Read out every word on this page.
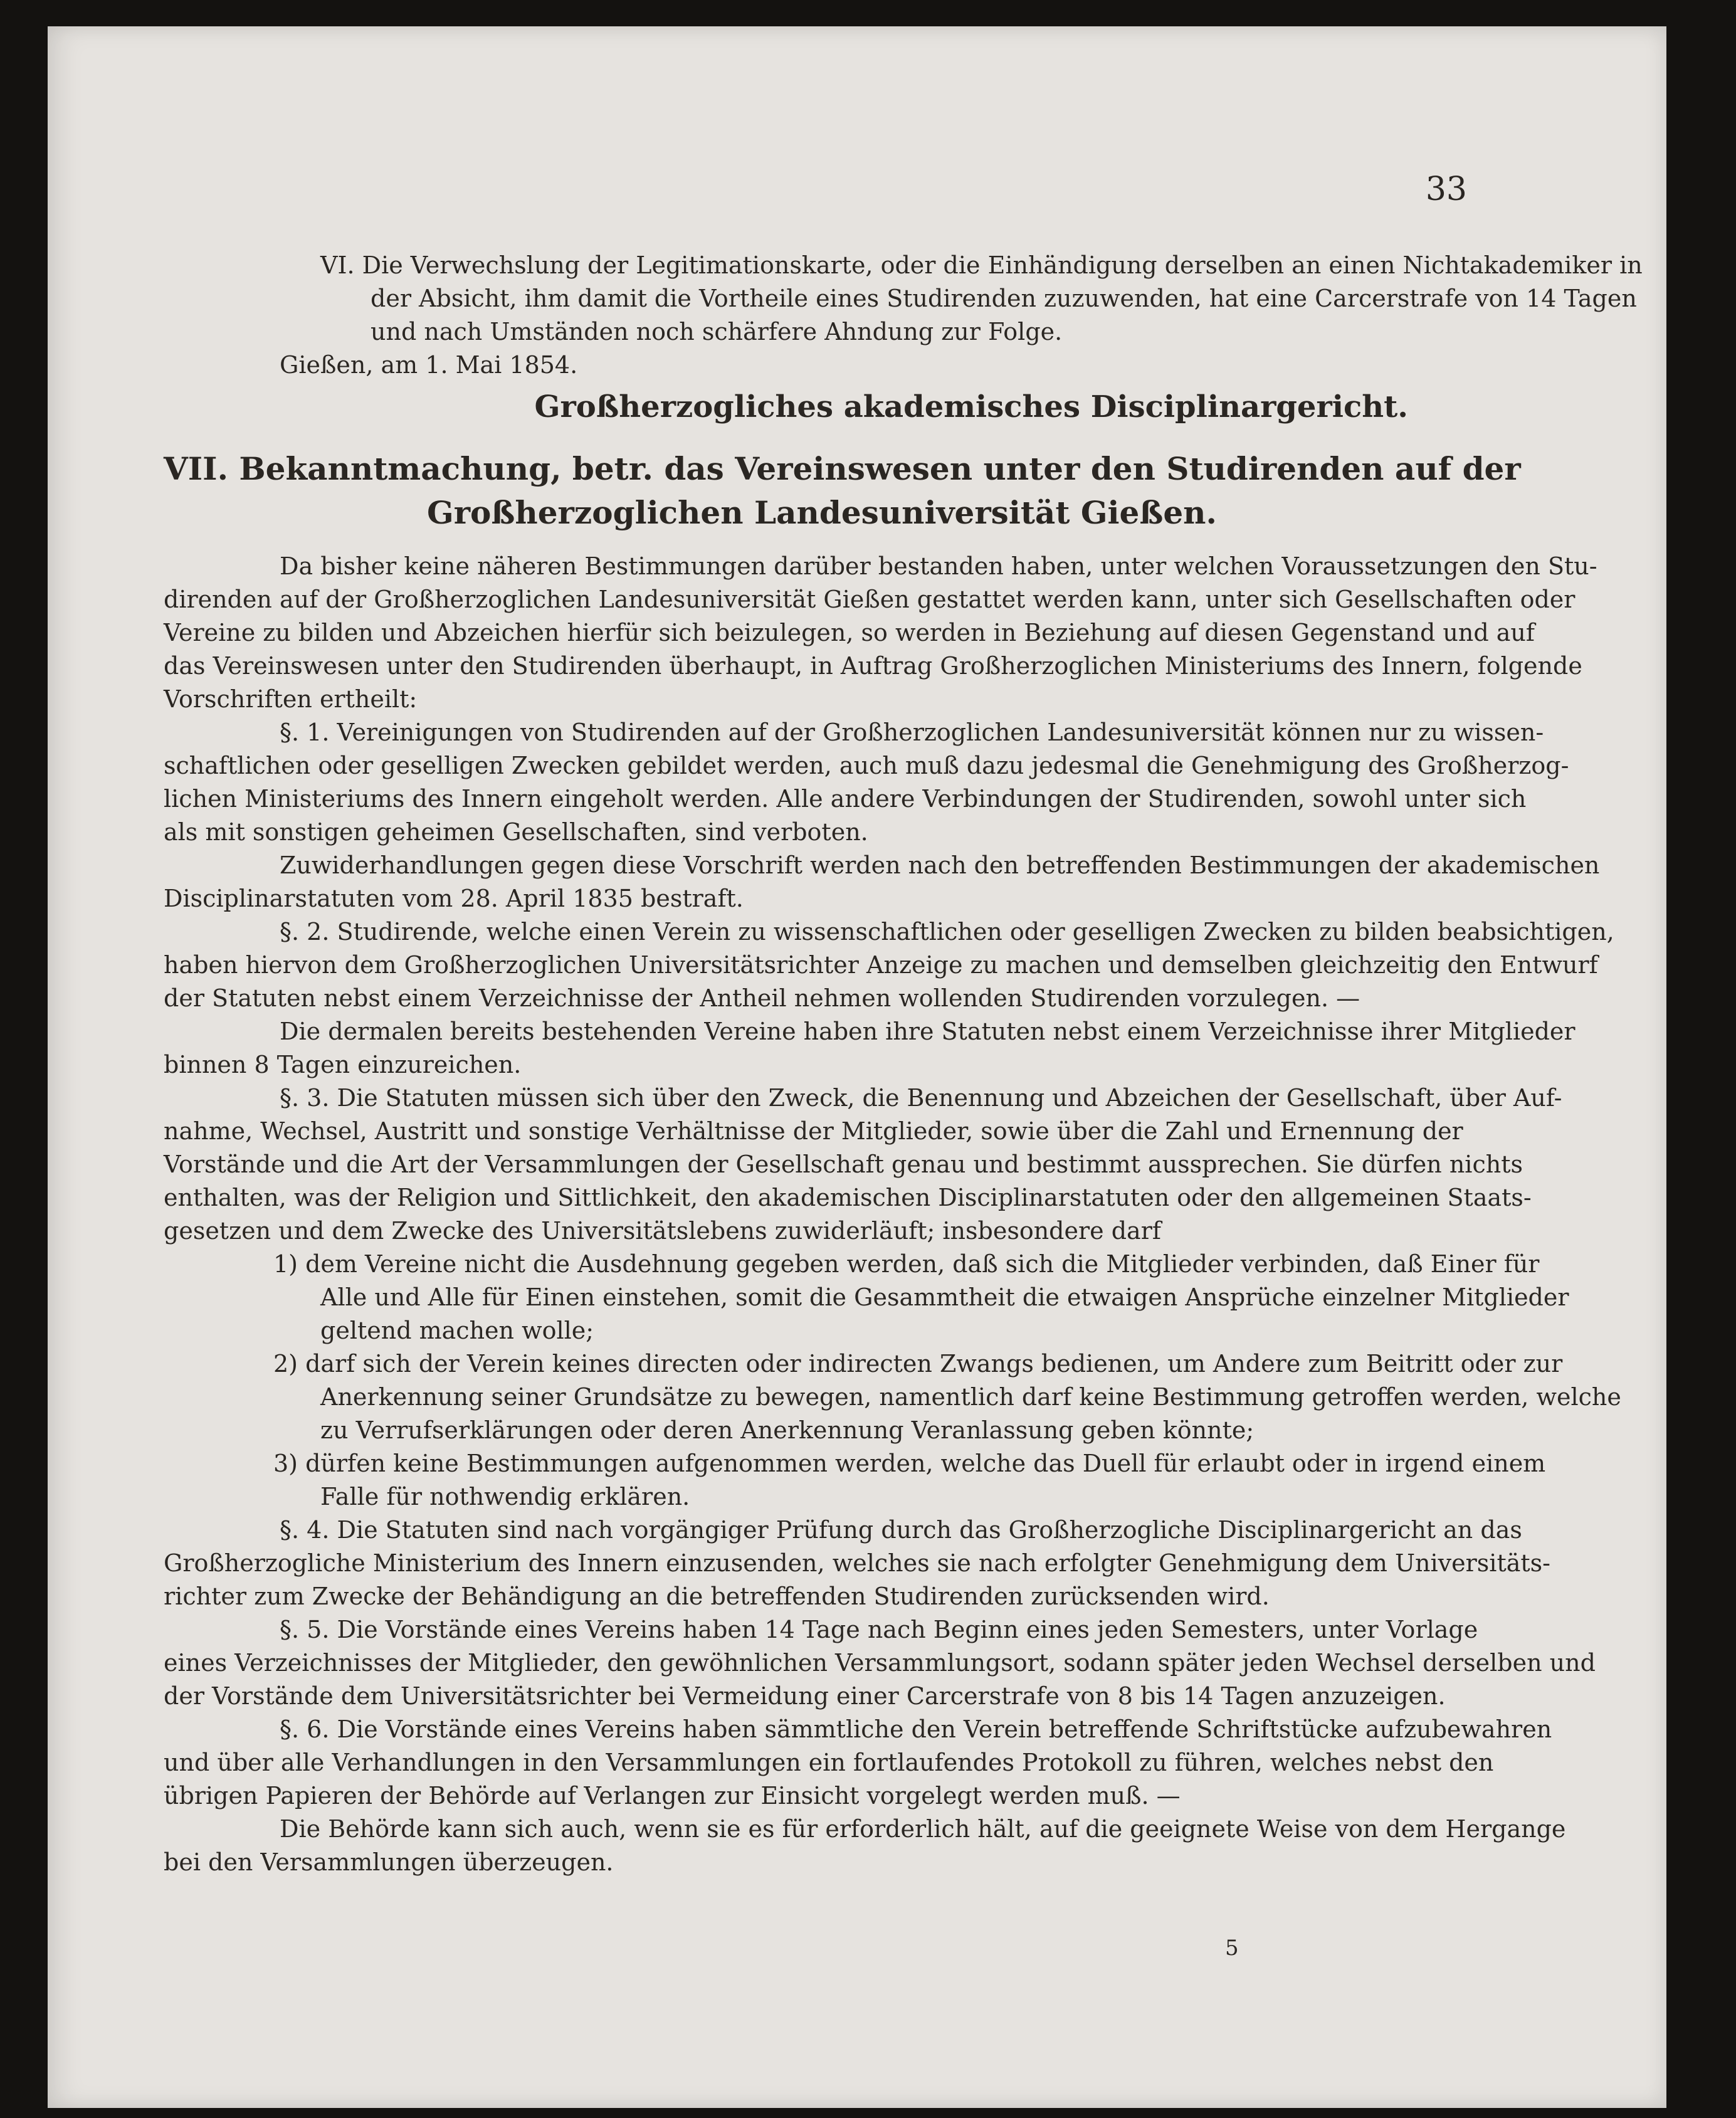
33
VI. Die Verwechslung der Legitimationskarte, oder die Einhändigung derselben an einen Nichtakademiker in
der Absicht, ihm damit die Vortheile eines Studirenden zuzuwenden, hat eine Carcerstrafe von 14 Tagen
und nach Umständen noch schärfere Ahndung zur Folge.
Gießen, am 1. Mai 1854.
Großherzogliches akademisches Disciplinargericht.
VII. Bekanntmachung, betr. das Vereinswesen unter den Studirenden auf der
Großherzoglichen Landesuniversität Gießen.
Da bisher keine näheren Bestimmungen darüber bestanden haben, unter welchen Voraussetzungen den Stu-
direnden auf der Großherzoglichen Landesuniversität Gießen gestattet werden kann, unter sich Gesellschaften oder
Vereine zu bilden und Abzeichen hierfür sich beizulegen, so werden in Beziehung auf diesen Gegenstand und auf
das Vereinswesen unter den Studirenden überhaupt, in Auftrag Großherzoglichen Ministeriums des Innern, folgende
Vorschriften ertheilt:
§. 1. Vereinigungen von Studirenden auf der Großherzoglichen Landesuniversität können nur zu wissen-
schaftlichen oder geselligen Zwecken gebildet werden, auch muß dazu jedesmal die Genehmigung des Großherzog-
lichen Ministeriums des Innern eingeholt werden. Alle andere Verbindungen der Studirenden, sowohl unter sich
als mit sonstigen geheimen Gesellschaften, sind verboten.
Zuwiderhandlungen gegen diese Vorschrift werden nach den betreffenden Bestimmungen der akademischen
Disciplinarstatuten vom 28. April 1835 bestraft.
§. 2. Studirende, welche einen Verein zu wissenschaftlichen oder geselligen Zwecken zu bilden beabsichtigen,
haben hiervon dem Großherzoglichen Universitätsrichter Anzeige zu machen und demselben gleichzeitig den Entwurf
der Statuten nebst einem Verzeichnisse der Antheil nehmen wollenden Studirenden vorzulegen. —
Die dermalen bereits bestehenden Vereine haben ihre Statuten nebst einem Verzeichnisse ihrer Mitglieder
binnen 8 Tagen einzureichen.
§. 3. Die Statuten müssen sich über den Zweck, die Benennung und Abzeichen der Gesellschaft, über Auf-
nahme, Wechsel, Austritt und sonstige Verhältnisse der Mitglieder, sowie über die Zahl und Ernennung der
Vorstände und die Art der Versammlungen der Gesellschaft genau und bestimmt aussprechen. Sie dürfen nichts
enthalten, was der Religion und Sittlichkeit, den akademischen Disciplinarstatuten oder den allgemeinen Staats-
gesetzen und dem Zwecke des Universitätslebens zuwiderläuft; insbesondere darf
1) dem Vereine nicht die Ausdehnung gegeben werden, daß sich die Mitglieder verbinden, daß Einer für
Alle und Alle für Einen einstehen, somit die Gesammtheit die etwaigen Ansprüche einzelner Mitglieder
geltend machen wolle;
2) darf sich der Verein keines directen oder indirecten Zwangs bedienen, um Andere zum Beitritt oder zur
Anerkennung seiner Grundsätze zu bewegen, namentlich darf keine Bestimmung getroffen werden, welche
zu Verrufserklärungen oder deren Anerkennung Veranlassung geben könnte;
3) dürfen keine Bestimmungen aufgenommen werden, welche das Duell für erlaubt oder in irgend einem
Falle für nothwendig erklären.
§. 4. Die Statuten sind nach vorgängiger Prüfung durch das Großherzogliche Disciplinargericht an das
Großherzogliche Ministerium des Innern einzusenden, welches sie nach erfolgter Genehmigung dem Universitäts-
richter zum Zwecke der Behändigung an die betreffenden Studirenden zurücksenden wird.
§. 5. Die Vorstände eines Vereins haben 14 Tage nach Beginn eines jeden Semesters, unter Vorlage
eines Verzeichnisses der Mitglieder, den gewöhnlichen Versammlungsort, sodann später jeden Wechsel derselben und
der Vorstände dem Universitätsrichter bei Vermeidung einer Carcerstrafe von 8 bis 14 Tagen anzuzeigen.
§. 6. Die Vorstände eines Vereins haben sämmtliche den Verein betreffende Schriftstücke aufzubewahren
und über alle Verhandlungen in den Versammlungen ein fortlaufendes Protokoll zu führen, welches nebst den
übrigen Papieren der Behörde auf Verlangen zur Einsicht vorgelegt werden muß. —
Die Behörde kann sich auch, wenn sie es für erforderlich hält, auf die geeignete Weise von dem Hergange
bei den Versammlungen überzeugen.
5
